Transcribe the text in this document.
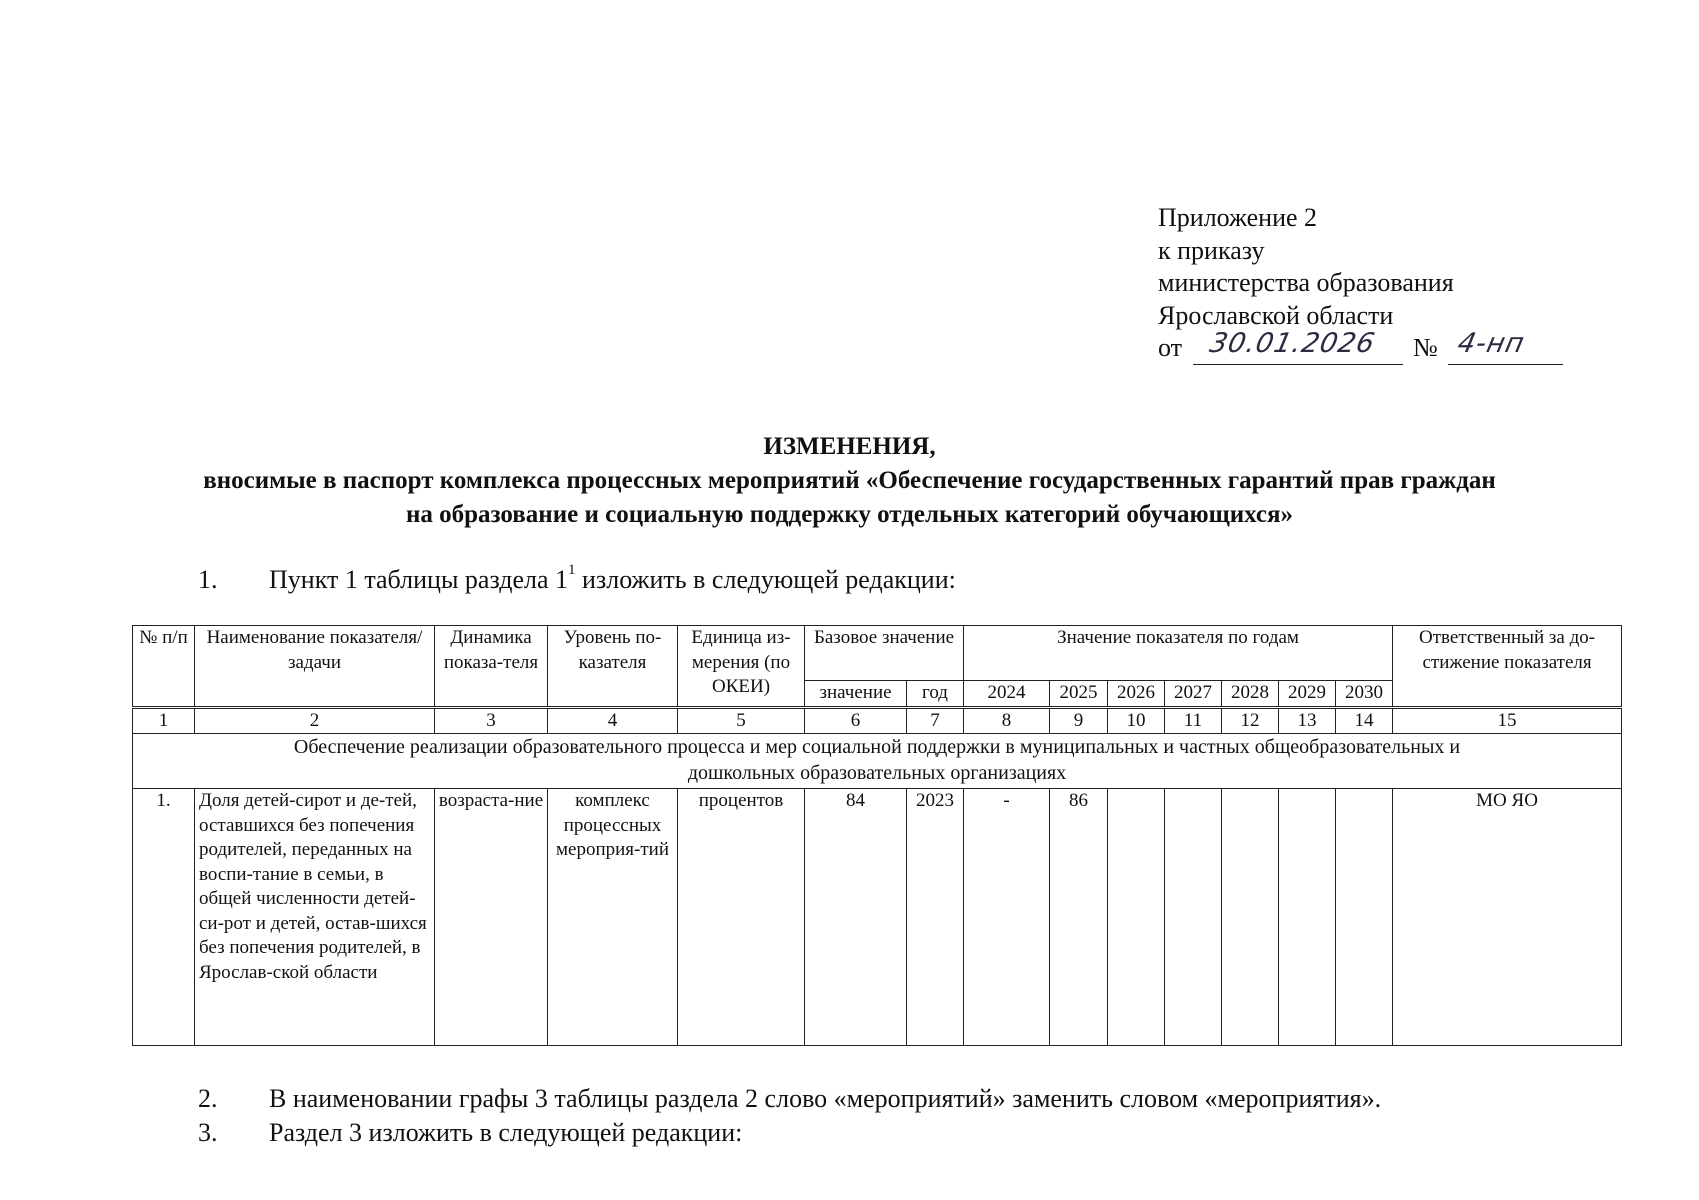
Приложение 2
к приказу
министерства образования
Ярославской области
от 30.01.2026 № 4-нп
ИЗМЕНЕНИЯ,
вносимые в паспорт комплекса процессных мероприятий «Обеспечение государственных гарантий прав граждан
на образование и социальную поддержку отдельных категорий обучающихся»
1. Пункт 1 таблицы раздела $1^1$ изложить в следующей редакции:
№ п/п	Наименование показателя/задачи	Динамика показа-теля	Уровень по-казателя	Единица из-мерения (по ОКЕИ)	Базовое значение		Значение показателя по годам							Ответственный за до-стижение показателя
					значение	год	2024	2025	2026	2027	2028	2029	2030	
1	2	3	4	5	6	7	8	9	10	11	12	13	14	15
Обеспечение реализации образовательного процесса и мер социальной поддержки в муниципальных и частных общеобразовательных и дошкольных образовательных организациях														
1.	Доля детей-сирот и де-тей, оставшихся без попечения родителей, переданных на воспи-тание в семьи, в общей численности детей-си-рот и детей, остав-шихся без попечения родителей, в Ярослав-ской области	возраста-ние	комплекс процессных мероприя-тий	процентов	84	2023	-	86						МО ЯО
2. В наименовании графы 3 таблицы раздела 2 слово «мероприятий» заменить словом «мероприятия».
3. Раздел 3 изложить в следующей редакции:
